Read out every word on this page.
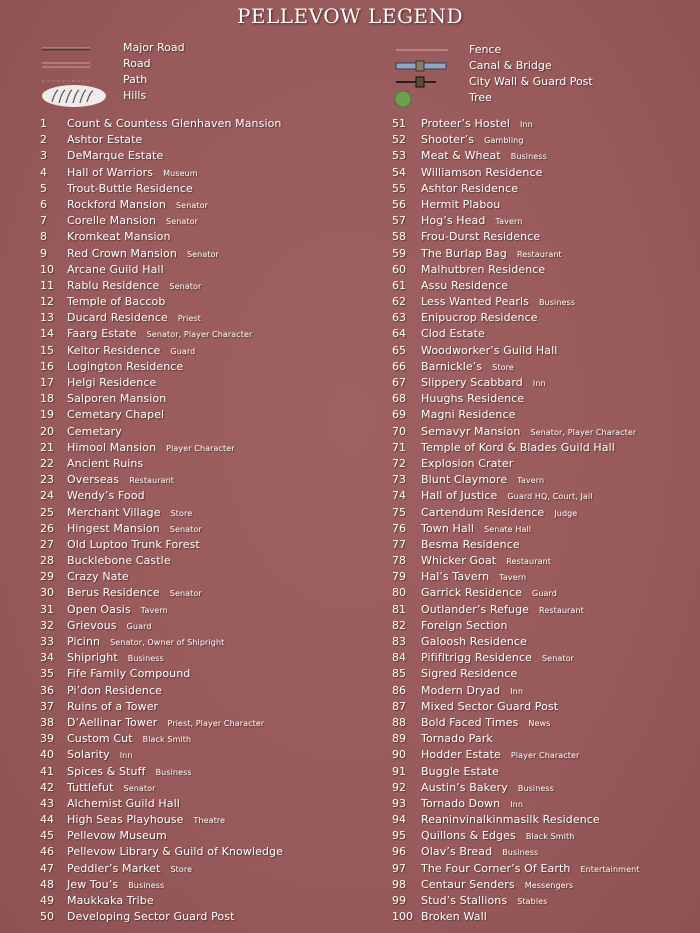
PELLEVOW LEGEND
Major Road
Road
Path
Hills
Fence
Canal & Bridge
City Wall & Guard Post
Tree
1 Count & Countess Glenhaven Mansion
2 Ashtor Estate
3 DeMarque Estate
4 Hall of Warriors Museum
5 Trout-Buttle Residence
6 Rockford Mansion Senator
7 Corelle Mansion Senator
8 Kromkeat Mansion
9 Red Crown Mansion Senator
10 Arcane Guild Hall
11 Rablu Residence Senator
12 Temple of Baccob
13 Ducard Residence Priest
14 Faarg Estate Senator, Player Character
15 Keltor Residence Guard
16 Logington Residence
17 Helgi Residence
18 Salporen Mansion
19 Cemetary Chapel
20 Cemetary
21 Himool Mansion Player Character
22 Ancient Ruins
23 Overseas Restaurant
24 Wendy’s Food
25 Merchant Village Store
26 Hingest Mansion Senator
27 Old Luptoo Trunk Forest
28 Bucklebone Castle
29 Crazy Nate
30 Berus Residence Senator
31 Open Oasis Tavern
32 Grievous Guard
33 Picinn Senator, Owner of Shipright
34 Shipright Business
35 Fife Family Compound
36 Pi’don Residence
37 Ruins of a Tower
38 D’Aellinar Tower Priest, Player Character
39 Custom Cut Black Smith
40 Solarity Inn
41 Spices & Stuff Business
42 Tuttlefut Senator
43 Alchemist Guild Hall
44 High Seas Playhouse Theatre
45 Pellevow Museum
46 Pellevow Library & Guild of Knowledge
47 Peddler’s Market Store
48 Jew Tou’s Business
49 Maukkaka Tribe
50 Developing Sector Guard Post
51 Proteer’s Hostel Inn
52 Shooter’s Gambling
53 Meat & Wheat Business
54 Williamson Residence
55 Ashtor Residence
56 Hermit Plabou
57 Hog’s Head Tavern
58 Frou-Durst Residence
59 The Burlap Bag Restaurant
60 Malhutbren Residence
61 Assu Residence
62 Less Wanted Pearls Business
63 Enipucrop Residence
64 Clod Estate
65 Woodworker’s Guild Hall
66 Barnickle’s Store
67 Slippery Scabbard Inn
68 Huughs Residence
69 Magni Residence
70 Semavyr Mansion Senator, Player Character
71 Temple of Kord & Blades Guild Hall
72 Explosion Crater
73 Blunt Claymore Tavern
74 Hall of Justice Guard HQ, Court, Jail
75 Cartendum Residence Judge
76 Town Hall Senate Hall
77 Besma Residence
78 Whicker Goat Restaurant
79 Hal’s Tavern Tavern
80 Garrick Residence Guard
81 Outlander’s Refuge Restaurant
82 Foreign Section
83 Galoosh Residence
84 Pififltrigg Residence Senator
85 Sigred Residence
86 Modern Dryad Inn
87 Mixed Sector Guard Post
88 Bold Faced Times News
89 Tornado Park
90 Hodder Estate Player Character
91 Buggle Estate
92 Austin’s Bakery Business
93 Tornado Down Inn
94 Reaninvinalkinmasilk Residence
95 Quillons & Edges Black Smith
96 Olav’s Bread Business
97 The Four Corner’s Of Earth Entertainment
98 Centaur Senders Messengers
99 Stud’s Stallions Stables
100 Broken Wall
